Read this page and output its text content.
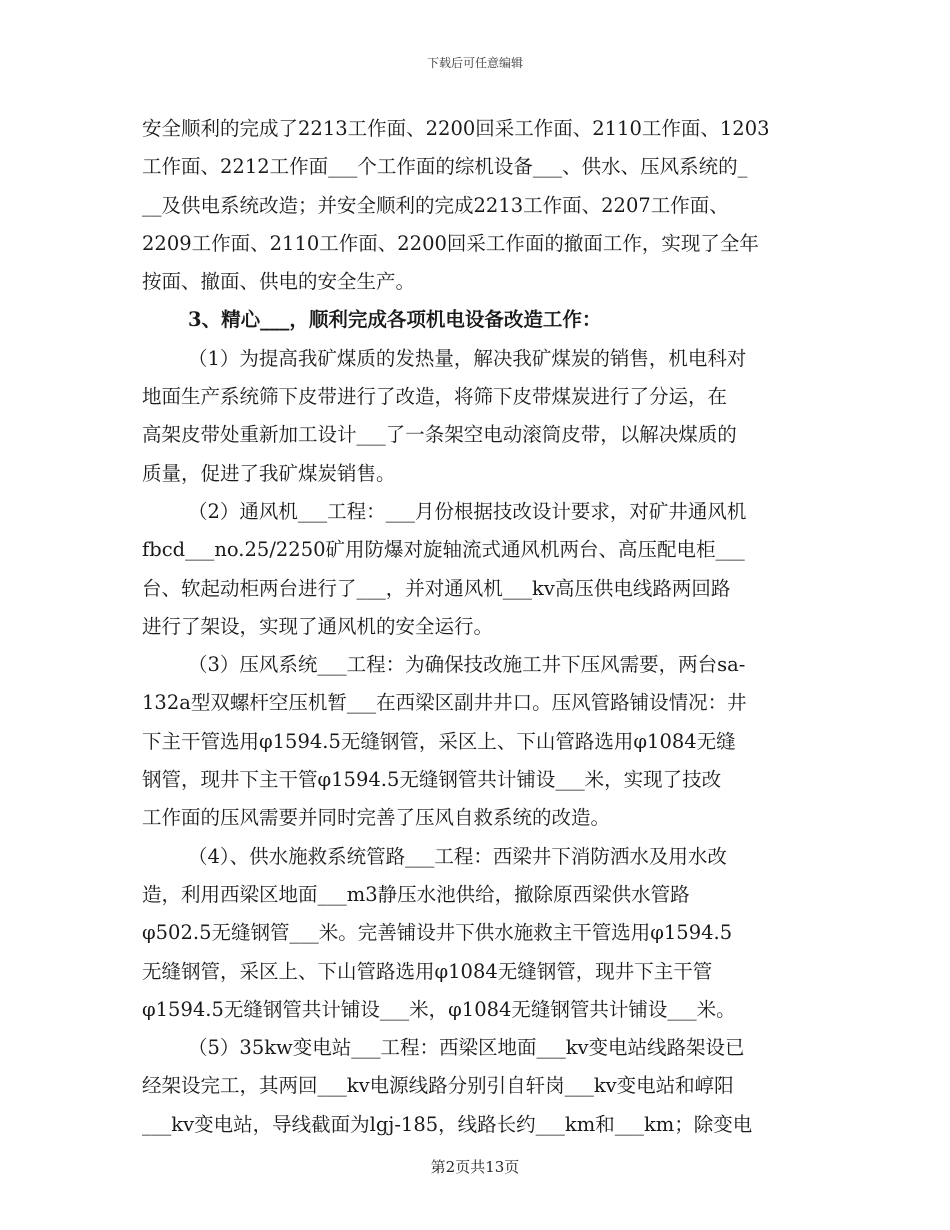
下载后可任意编辑
安全顺利的完成了2213工作面、2200回采工作面、2110工作面、1203
工作面、2212工作面___个工作面的综机设备___、供水、压风系统的_
__及供电系统改造；并安全顺利的完成2213工作面、2207工作面、
2209工作面、2110工作面、2200回采工作面的撤面工作，实现了全年
按面、撤面、供电的安全生产。
3、精心___，顺利完成各项机电设备改造工作：
（1）为提高我矿煤质的发热量，解决我矿煤炭的销售，机电科对
地面生产系统筛下皮带进行了改造，将筛下皮带煤炭进行了分运，在
高架皮带处重新加工设计___了一条架空电动滚筒皮带，以解决煤质的
质量，促进了我矿煤炭销售。
（2）通风机___工程：___月份根据技改设计要求，对矿井通风机
fbcd___no.25/2250矿用防爆对旋轴流式通风机两台、高压配电柜___
台、软起动柜两台进行了___，并对通风机___kv高压供电线路两回路
进行了架设，实现了通风机的安全运行。
（3）压风系统___工程：为确保技改施工井下压风需要，两台sa-
132a型双螺杆空压机暂___在西梁区副井井口。压风管路铺设情况：井
下主干管选用φ1594.5无缝钢管，采区上、下山管路选用φ1084无缝
钢管，现井下主干管φ1594.5无缝钢管共计铺设___米，实现了技改
工作面的压风需要并同时完善了压风自救系统的改造。
（4）、供水施救系统管路___工程：西梁井下消防洒水及用水改
造，利用西梁区地面___m3静压水池供给，撤除原西梁供水管路
φ502.5无缝钢管___米。完善铺设井下供水施救主干管选用φ1594.5
无缝钢管，采区上、下山管路选用φ1084无缝钢管，现井下主干管
φ1594.5无缝钢管共计铺设___米，φ1084无缝钢管共计铺设___米。
（5）35kw变电站___工程：西梁区地面___kv变电站线路架设已
经架设完工，其两回___kv电源线路分别引自轩岗___kv变电站和崞阳
___kv变电站，导线截面为lgj-185，线路长约___km和___km；除变电
第2页共13页
